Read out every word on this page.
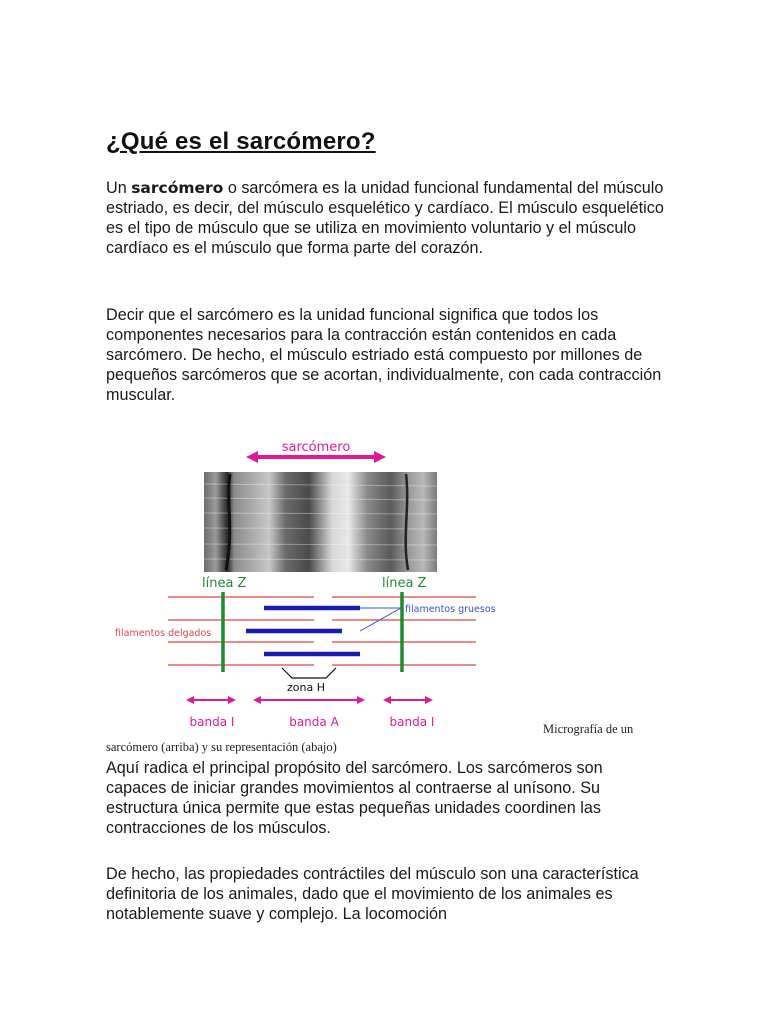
¿Qué es el sarcómero?

Un sarcómero o sarcómera es la unidad funcional fundamental del músculo estriado, es decir, del músculo esquelético y cardíaco. El músculo esquelético es el tipo de músculo que se utiliza en movimiento voluntario y el músculo cardíaco es el músculo que forma parte del corazón.

Decir que el sarcómero es la unidad funcional significa que todos los componentes necesarios para la contracción están contenidos en cada sarcómero. De hecho, el músculo estriado está compuesto por millones de pequeños sarcómeros que se acortan, individualmente, con cada contracción muscular.

sarcómero
línea Z	línea Z
filamentos gruesos
filamentos delgados
zona H
banda I	banda A	banda I	Micrografía de un

sarcómero (arriba) y su representación (abajo)

Aquí radica el principal propósito del sarcómero. Los sarcómeros son capaces de iniciar grandes movimientos al contraerse al unísono. Su estructura única permite que estas pequeñas unidades coordinen las contracciones de los músculos.

De hecho, las propiedades contráctiles del músculo son una característica definitoria de los animales, dado que el movimiento de los animales es notablemente suave y complejo. La locomoción
